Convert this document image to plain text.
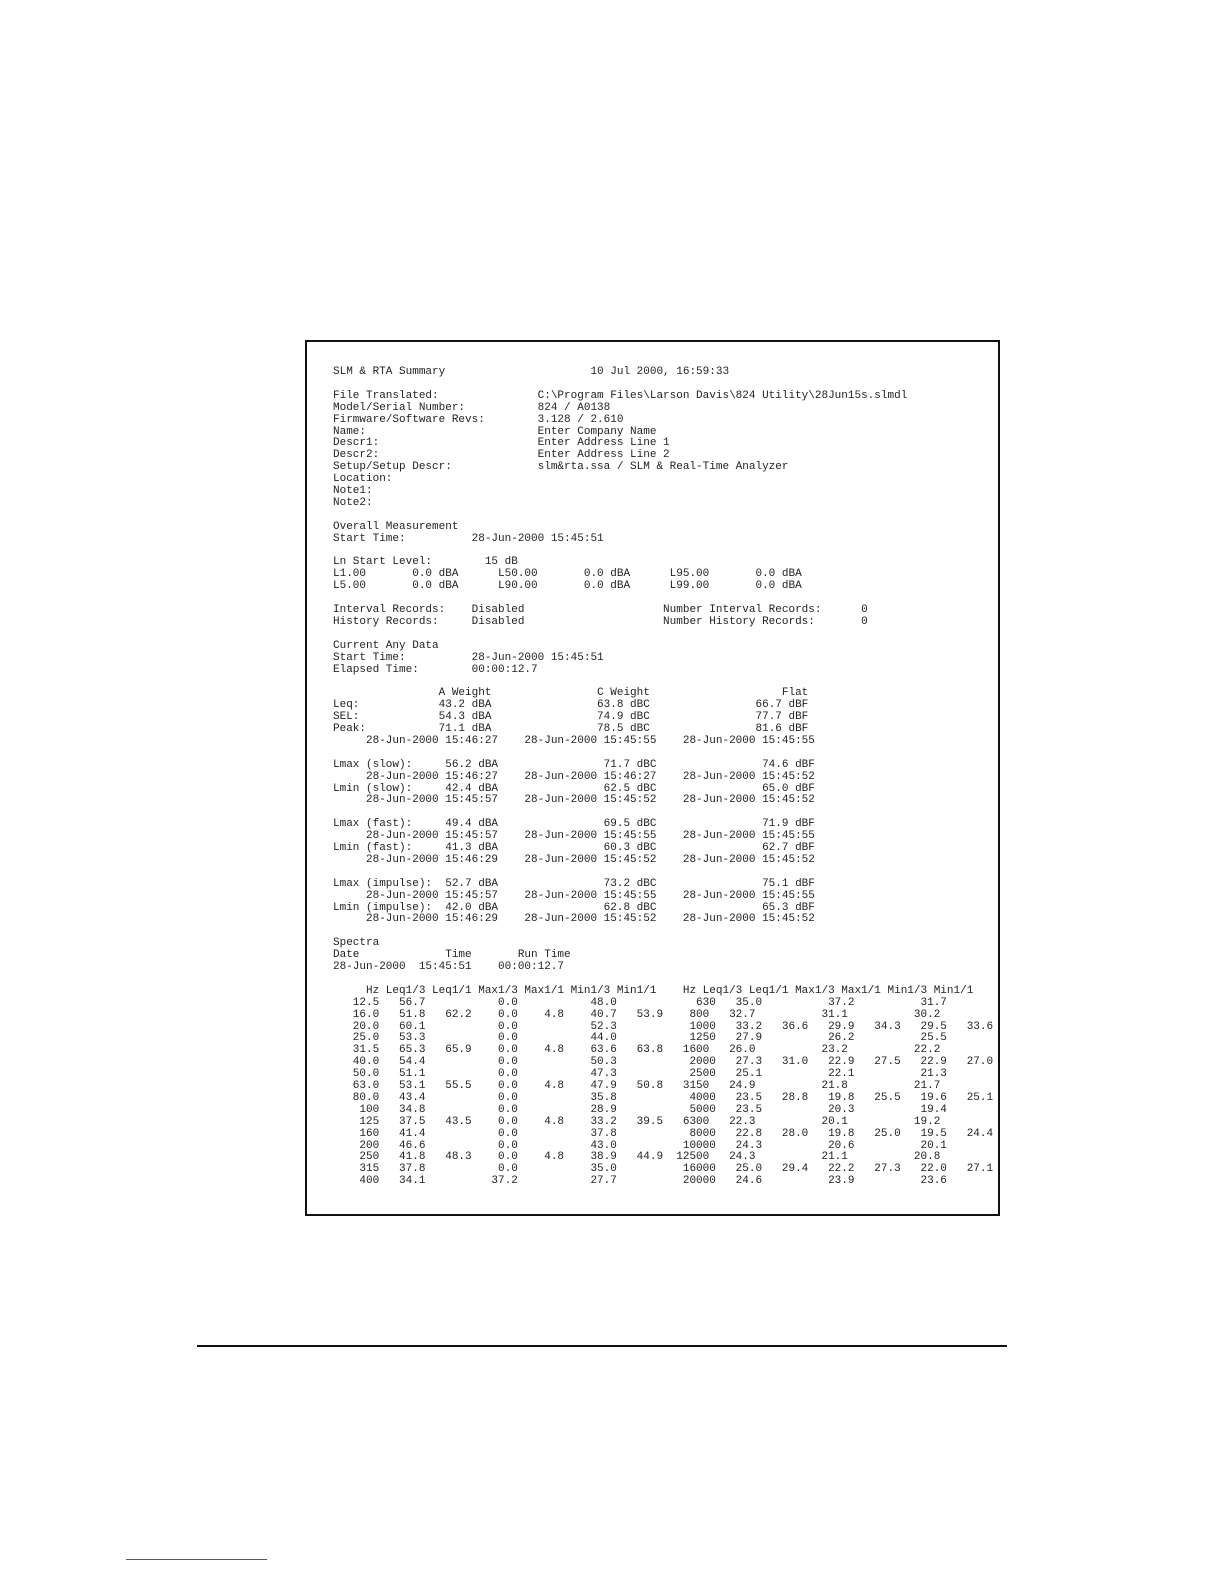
SLM & RTA Summary                      10 Jul 2000, 16:59:33
File Translated:               C:\Program Files\Larson Davis\824 Utility\28Jun15s.slmdl
Model/Serial Number:           824 / A0138
Firmware/Software Revs:        3.128 / 2.610
Name:                          Enter Company Name
Descr1:                        Enter Address Line 1
Descr2:                        Enter Address Line 2
Setup/Setup Descr:             slm&rta.ssa / SLM & Real-Time Analyzer
Location:
Note1:
Note2:
Overall Measurement
Start Time:          28-Jun-2000 15:45:51
Ln Start Level:        15 dB
L1.00       0.0 dBA      L50.00       0.0 dBA      L95.00       0.0 dBA
L5.00       0.0 dBA      L90.00       0.0 dBA      L99.00       0.0 dBA
Interval Records:    Disabled                     Number Interval Records:      0
History Records:     Disabled                     Number History Records:       0
Current Any Data
Start Time:          28-Jun-2000 15:45:51
Elapsed Time:        00:00:12.7
A Weight                C Weight                    Flat
Leq:            43.2 dBA                63.8 dBC                66.7 dBF
SEL:            54.3 dBA                74.9 dBC                77.7 dBF
Peak:           71.1 dBA                78.5 dBC                81.6 dBF
28-Jun-2000 15:46:27    28-Jun-2000 15:45:55    28-Jun-2000 15:45:55
Lmax (slow):     56.2 dBA                71.7 dBC                74.6 dBF
28-Jun-2000 15:46:27    28-Jun-2000 15:46:27    28-Jun-2000 15:45:52
Lmin (slow):     42.4 dBA                62.5 dBC                65.0 dBF
28-Jun-2000 15:45:57    28-Jun-2000 15:45:52    28-Jun-2000 15:45:52
Lmax (fast):     49.4 dBA                69.5 dBC                71.9 dBF
28-Jun-2000 15:45:57    28-Jun-2000 15:45:55    28-Jun-2000 15:45:55
Lmin (fast):     41.3 dBA                60.3 dBC                62.7 dBF
28-Jun-2000 15:46:29    28-Jun-2000 15:45:52    28-Jun-2000 15:45:52
Lmax (impulse):  52.7 dBA                73.2 dBC                75.1 dBF
28-Jun-2000 15:45:57    28-Jun-2000 15:45:55    28-Jun-2000 15:45:55
Lmin (impulse):  42.0 dBA                62.8 dBC                65.3 dBF
28-Jun-2000 15:46:29    28-Jun-2000 15:45:52    28-Jun-2000 15:45:52
Spectra
Date             Time       Run Time
28-Jun-2000  15:45:51    00:00:12.7
Hz Leq1/3 Leq1/1 Max1/3 Max1/1 Min1/3 Min1/1    Hz Leq1/3 Leq1/1 Max1/3 Max1/1 Min1/3 Min1/1
12.5   56.7           0.0           48.0            630   35.0          37.2          31.7
16.0   51.8   62.2    0.0    4.8    40.7   53.9    800   32.7          31.1          30.2
20.0   60.1           0.0           52.3           1000   33.2   36.6   29.9   34.3   29.5   33.6
25.0   53.3           0.0           44.0           1250   27.9          26.2          25.5
31.5   65.3   65.9    0.0    4.8    63.6   63.8   1600   26.0          23.2          22.2
40.0   54.4           0.0           50.3           2000   27.3   31.0   22.9   27.5   22.9   27.0
50.0   51.1           0.0           47.3           2500   25.1          22.1          21.3
63.0   53.1   55.5    0.0    4.8    47.9   50.8   3150   24.9          21.8          21.7
80.0   43.4           0.0           35.8           4000   23.5   28.8   19.8   25.5   19.6   25.1
100   34.8           0.0           28.9           5000   23.5          20.3          19.4
125   37.5   43.5    0.0    4.8    33.2   39.5   6300   22.3          20.1          19.2
160   41.4           0.0           37.8           8000   22.8   28.0   19.8   25.0   19.5   24.4
200   46.6           0.0           43.0          10000   24.3          20.6          20.1
250   41.8   48.3    0.0    4.8    38.9   44.9  12500   24.3          21.1          20.8
315   37.8           0.0           35.0          16000   25.0   29.4   22.2   27.3   22.0   27.1
400   34.1          37.2           27.7          20000   24.6          23.9          23.6
